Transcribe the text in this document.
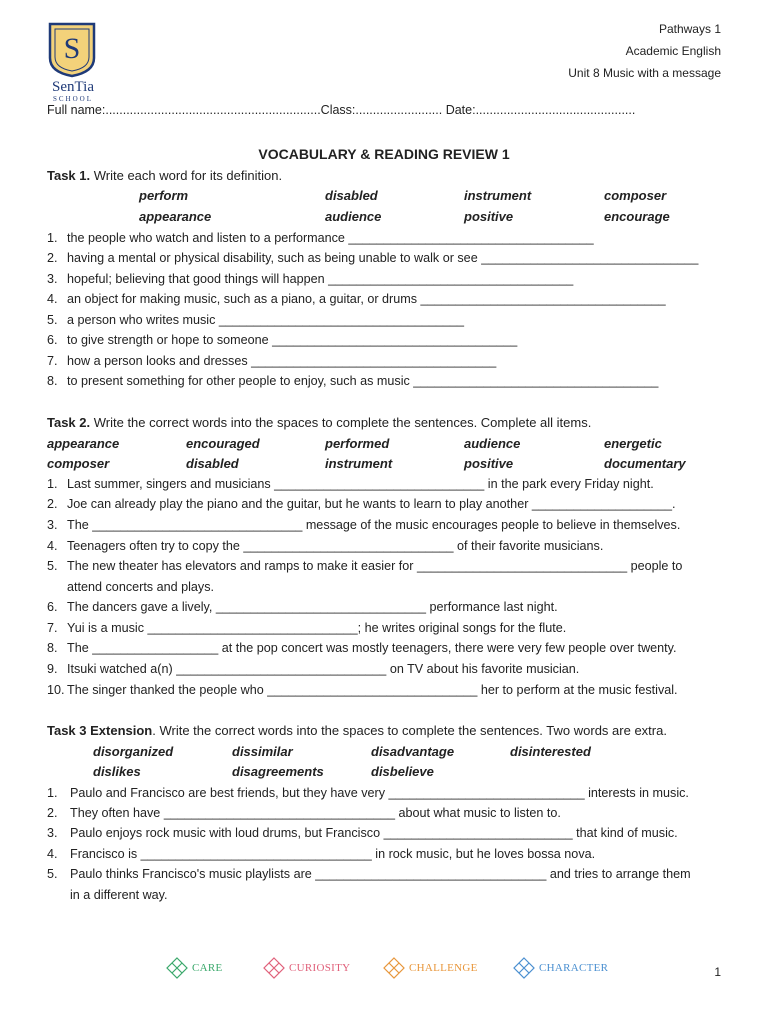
S
SenTia
SCHOOL
Pathways 1
Academic English
Unit 8 Music with a message
Full name:..............................................................Class:......................... Date:..............................................
VOCABULARY & READING REVIEW 1
Task 1. Write each word for its definition.
perform	disabled	instrument	composer
appearance	audience	positive	encourage
1. the people who watch and listen to a performance ___________________________________
2. having a mental or physical disability, such as being unable to walk or see _______________________________
3. hopeful; believing that good things will happen ___________________________________
4. an object for making music, such as a piano, a guitar, or drums ___________________________________
5. a person who writes music ___________________________________
6. to give strength or hope to someone ___________________________________
7. how a person looks and dresses ___________________________________
8. to present something for other people to enjoy, such as music ___________________________________
Task 2. Write the correct words into the spaces to complete the sentences. Complete all items.
appearance	encouraged	performed	audience	energetic
composer	disabled	instrument	positive	documentary
1. Last summer, singers and musicians ______________________________ in the park every Friday night.
2. Joe can already play the piano and the guitar, but he wants to learn to play another ____________________.
3. The ______________________________ message of the music encourages people to believe in themselves.
4. Teenagers often try to copy the ______________________________ of their favorite musicians.
5. The new theater has elevators and ramps to make it easier for ______________________________ people to
attend concerts and plays.
6. The dancers gave a lively, ______________________________ performance last night.
7. Yui is a music ______________________________; he writes original songs for the flute.
8. The __________________ at the pop concert was mostly teenagers, there were very few people over twenty.
9. Itsuki watched a(n) ______________________________ on TV about his favorite musician.
10. The singer thanked the people who ______________________________ her to perform at the music festival.
Task 3 Extension. Write the correct words into the spaces to complete the sentences. Two words are extra.
disorganized	dissimilar	disadvantage	disinterested
dislikes	disagreements	disbelieve
1. Paulo and Francisco are best friends, but they have very ____________________________ interests in music.
2. They often have _________________________________ about what music to listen to.
3. Paulo enjoys rock music with loud drums, but Francisco ___________________________ that kind of music.
4. Francisco is _________________________________ in rock music, but he loves bossa nova.
5. Paulo thinks Francisco's music playlists are _________________________________ and tries to arrange them
in a different way.
CARE	CURIOSITY	CHALLENGE	CHARACTER	1
